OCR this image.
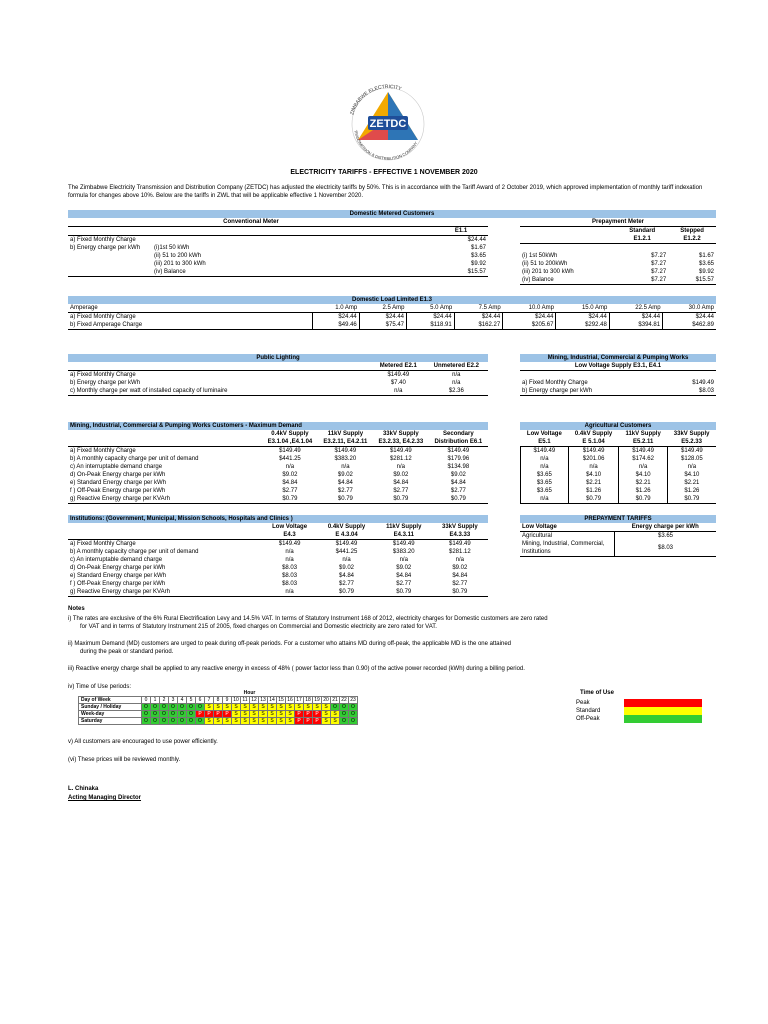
ZETDC
ZIMBABWE ELECTRICITY
TRANSMISSION & DISTRIBUTION COMPANY
ELECTRICITY TARIFFS - EFFECTIVE 1 NOVEMBER 2020

The Zimbabwe Electricity Transmission and Distribution Company (ZETDC) has adjusted the electricity tariffs by 50%. This is in accordance with the Tariff Award of 2 October 2019, which approved implementation of monthly tariff indexation formula for changes above 10%. Below are the tariffs in ZWL that will be applicable effective 1 November 2020.

Domestic Metered Customers
Conventional Meter		
		E1.1
a) Fixed Monthly Charge		$24.44
b) Energy charge per kWh	(i)1st 50 kWh	$1.67
	(ii) 51 to 200 kWh	$3.65
	(iii) 201 to 300 kWh	$9.92
	(iv) Balance	$15.57
Prepayment Meter		
	Standard	Stepped
	E1.2.1	E1.2.2

(i) 1st 50kWh	$7.27	$1.67
(ii) 51 to 200kWh	$7.27	$3.65
(iii) 201 to 300 kWh	$7.27	$9.92
(iv) Balance	$7.27	$15.57
Domestic Load Limited E1.3
Amperage	1.0 Amp	2.5 Amp	5.0 Amp	7.5 Amp	10.0 Amp	15.0 Amp	22.5 Amp	30.0 Amp
a) Fixed Monthly Charge	$24.44	$24.44	$24.44	$24.44	$24.44	$24.44	$24.44	$24.44
b) Fixed Amperage Charge	$49.46	$75.47	$118.91	$162.27	$205.67	$292.48	$394.81	$462.89
Public Lighting
	Metered E2.1	Unmetered E2.2
a) Fixed Monthly Charge	$149.49	n/a
b) Energy charge per kWh	$7.40	n/a
c) Monthly charge per watt of installed capacity of luminaire	n/a	$2.36
Mining, Industrial, Commercial & Pumping Works
Low Voltage Supply E3.1, E4.1	

a) Fixed Monthly Charge	$149.49
b) Energy charge per kWh	$8.03
Mining, Industrial, Commercial & Pumping Works Customers - Maximum Demand
	0.4kV Supply	11kV Supply	33kV Supply	Secondary
	E3.1.04 ,E4.1.04	E3.2.11, E4.2.11	E3.2.33, E4.2.33	Distribution E6.1
a) Fixed Monthly Charge	$149.49	$149.49	$149.49	$149.49
b) A monthly capacity charge per unit of demand	$441.25	$383.20	$281.12	$179.96
c) An interruptable demand charge	n/a	n/a	n/a	$134.98
d) On-Peak Energy charge per kWh	$9.02	$9.02	$9.02	$9.02
e) Standard Energy charge per kWh	$4.84	$4.84	$4.84	$4.84
f ) Off-Peak Energy charge per kWh	$2.77	$2.77	$2.77	$2.77
g) Reactive Energy charge per KVArh	$0.79	$0.79	$0.79	$0.79
Agricultural Customers
Low Voltage	0.4kV Supply	11kV Supply	33kV Supply
E5.1	E 5.1.04	E5.2.11	E5.2.33
$149.49	$149.49	$149.49	$149.49
n/a	$201.06	$174.62	$128.05
n/a	n/a	n/a	n/a
$3.65	$4.10	$4.10	$4.10
$3.65	$2.21	$2.21	$2.21
$3.65	$1.26	$1.26	$1.26
n/a	$0.79	$0.79	$0.79
Institutions: (Government, Municipal, Mission Schools, Hospitals and Clinics )
	Low Voltage	0.4kV Supply	11kV Supply	33kV Supply
	E4.3	E 4.3.04	E4.3.11	E4.3.33
a) Fixed Monthly Charge	$149.49	$149.49	$149.49	$149.49
b) A monthly capacity charge per unit of demand	n/a	$441.25	$383.20	$281.12
c) An interruptable demand charge	n/a	n/a	n/a	n/a
d) On-Peak Energy charge per kWh	$8.03	$9.02	$9.02	$9.02
e) Standard Energy charge per kWh	$8.03	$4.84	$4.84	$4.84
f ) Off-Peak Energy charge per kWh	$8.03	$2.77	$2.77	$2.77
g) Reactive Energy charge per KVArh	n/a	$0.79	$0.79	$0.79
PREPAYMENT TARIFFS
Low Voltage	Energy charge per kWh
Agricultural	$3.65
Mining, Industrial, Commercial, Institutions	$8.03
Notes

i) The rates are exclusive of the 6% Rural Electrification Levy and 14.5% VAT. In terms of Statutory Instrument 168 of 2012, electricity charges for Domestic customers are zero rated

for VAT and in terms of Statutory Instrument 215 of 2005, fixed charges on Commercial and Domestic electricity are zero rated for VAT.

ii) Maximum Demand (MD) customers are urged to peak during off-peak periods. For a customer who attains MD during off-peak, the applicable MD is the one attained

during the peak or standard period.

iii) Reactive energy charge shall be applied to any reactive energy in excess of 48% ( power factor less than 0.90) of the active power recorded (kWh) during a billing period.

iv) Time of Use periods:

	Hour																							
Day of Week	0	1	2	3	4	5	6	7	8	9	10	11	12	13	14	15	16	17	18	19	20	21	22	23
Sunday / Holiday	O	O	O	O	O	O	O	S	S	S	S	S	S	S	S	S	S	S	S	S	S	O	O	O
Week-day	O	O	O	O	O	O	P	P	P	P	S	S	S	S	S	S	S	P	P	P	S	S	O	O
Saturday	O	O	O	O	O	O	O	S	S	S	S	S	S	S	S	S	S	P	P	P	S	S	O	O
Time of Use
Peak
Standard
Off-Peak

v) All customers are encouraged to use power efficiently.

(vi) These prices will be reviewed monthly.

L. Chinaka
Acting Managing Director
